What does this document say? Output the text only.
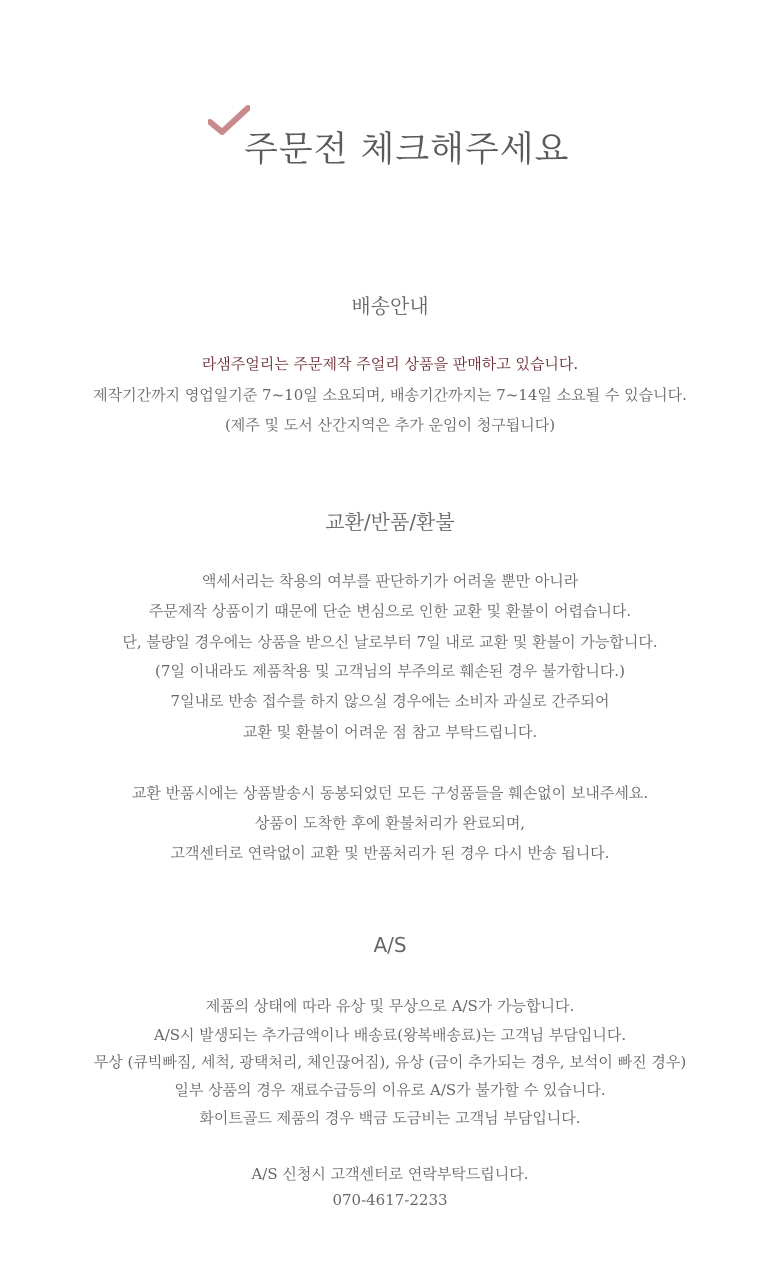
주문전 체크해주세요
배송안내
라샘주얼리는 주문제작 주얼리 상품을 판매하고 있습니다.
제작기간까지 영업일기준 7~10일 소요되며, 배송기간까지는 7~14일 소요될 수 있습니다.
(제주 및 도서 산간지역은 추가 운임이 청구됩니다)
교환/반품/환불
액세서리는 착용의 여부를 판단하기가 어려울 뿐만 아니라
주문제작 상품이기 때문에 단순 변심으로 인한 교환 및 환불이 어렵습니다.
단, 불량일 경우에는 상품을 받으신 날로부터 7일 내로 교환 및 환불이 가능합니다.
(7일 이내라도 제품착용 및 고객님의 부주의로 훼손된 경우 불가합니다.)
7일내로 반송 접수를 하지 않으실 경우에는 소비자 과실로 간주되어
교환 및 환불이 어려운 점 참고 부탁드립니다.
교환 반품시에는 상품발송시 동봉되었던 모든 구성품들을 훼손없이 보내주세요.
상품이 도착한 후에 환불처리가 완료되며,
고객센터로 연락없이 교환 및 반품처리가 된 경우 다시 반송 됩니다.
A/S
제품의 상태에 따라 유상 및 무상으로 A/S가 가능합니다.
A/S시 발생되는 추가금액이나 배송료(왕복배송료)는 고객님 부담입니다.
무상 (큐빅빠짐, 세척, 광택처리, 체인끊어짐), 유상 (금이 추가되는 경우, 보석이 빠진 경우)
일부 상품의 경우 재료수급등의 이유로 A/S가 불가할 수 있습니다.
화이트골드 제품의 경우 백금 도금비는 고객님 부담입니다.
A/S 신청시 고객센터로 연락부탁드립니다.
070-4617-2233
